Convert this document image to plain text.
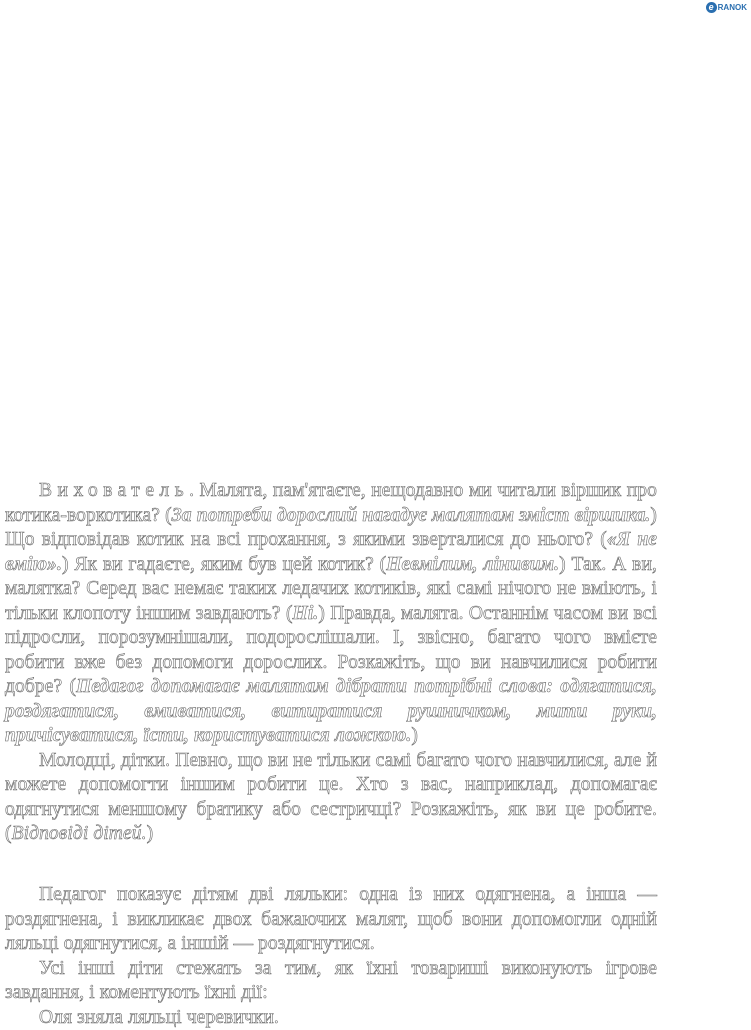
e RANOK

Вихователь. Малята, пам'ятаєте, нещодавно ми читали віршик про котика-воркотика? (За потреби дорослий нагадує малятам зміст віршика.) Що відповідав котик на всі прохання, з якими зверталися до нього? («Я не вмію».) Як ви гадаєте, яким був цей котик? (Невмілим, лінивим.) Так. А ви, малятка? Серед вас немає таких ледачих котиків, які самі нічого не вміють, і тільки клопоту іншим завдають? (Ні.) Правда, малята. Останнім часом ви всі підросли, порозумнішали, подорослішали. І, звісно, багато чого вмієте робити вже без допомоги дорослих. Розкажіть, що ви навчилися робити добре? (Педагог допомагає малятам дібрати потрібні слова: одягатися, роздягатися, вмиватися, витиратися рушничком, мити руки, причісуватися, їсти, користуватися ложкою.)

Молодці, дітки. Певно, що ви не тільки самі багато чого навчилися, але й можете допомогти іншим робити це. Хто з вас, наприклад, допомагає одягнутися меншому братику або сестричці? Розкажіть, як ви це робите. (Відповіді дітей.)

Педагог показує дітям дві ляльки: одна із них одягнена, а інша — роздягнена, і викликає двох бажаючих малят, щоб вони допомогли одній ляльці одягнутися, а іншій — роздягнутися.

Усі інші діти стежать за тим, як їхні товариші виконують ігрове завдання, і коментують їхні дії:

Оля зняла ляльці черевички.
